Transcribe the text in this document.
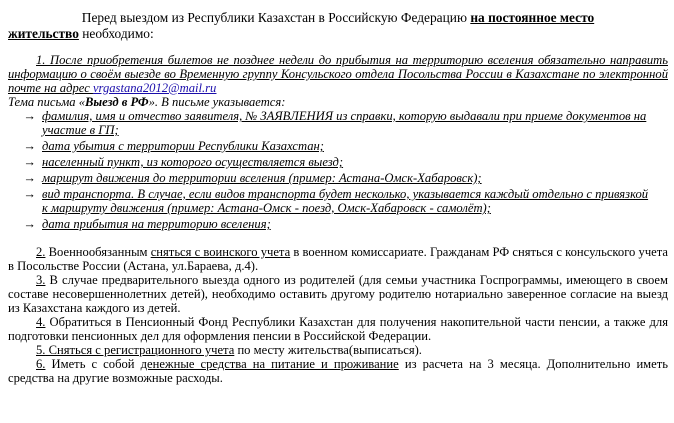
Перед выездом из Республики Казахстан в Российскую Федерацию на постоянное место
жительство необходимо:

1. После приобретения билетов не позднее недели до прибытия на территорию вселения обязательно направить информацию о своём выезде во Временную группу Консульского отдела Посольства России в Казахстане по электронной почте на адрес vrgastana2012@mail.ru

Тема письма «Выезд в РФ». В письме указывается:

→ фамилия, имя и отчество заявителя, № ЗАЯВЛЕНИЯ из справки, которую выдавали при приеме документов на участие в ГП;
→ дата убытия с территории Республики Казахстан;
→ населенный пункт, из которого осуществляется выезд;
→ маршрут движения до территории вселения (пример: Астана-Омск-Хабаровск);
→ вид транспорта. В случае, если видов транспорта будет несколько, указывается каждый отдельно с привязкой к маршруту движения (пример: Астана-Омск - поезд, Омск-Хабаровск - самолёт);
→ дата прибытия на территорию вселения;

2. Военнообязанным сняться с воинского учета в военном комиссариате. Гражданам РФ сняться с консульского учета в Посольстве России (Астана, ул.Бараева, д.4).

3. В случае предварительного выезда одного из родителей (для семьи участника Госпрограммы, имеющего в своем составе несовершеннолетних детей), необходимо оставить другому родителю нотариально заверенное согласие на выезд из Казахстана каждого из детей.

4. Обратиться в Пенсионный Фонд Республики Казахстан для получения накопительной части пенсии, а также для подготовки пенсионных дел для оформления пенсии в Российской Федерации.

5. Сняться с регистрационного учета по месту жительства(выписаться).

6. Иметь с собой денежные средства на питание и проживание из расчета на 3 месяца. Дополнительно иметь средства на другие возможные расходы.
